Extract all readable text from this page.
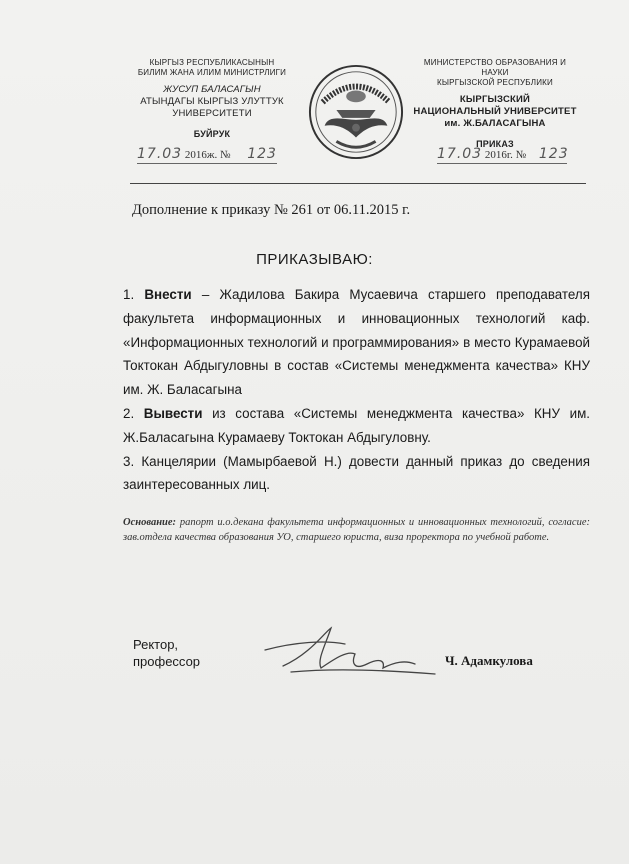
КЫРГЫЗ РЕСПУБЛИКАСЫНЫН
БИЛИМ ЖАНА ИЛИМ МИНИСТРЛИГИ
ЖУСУП БАЛАСАГЫН
АТЫНДАГЫ КЫРГЫЗ УЛУТТУК
УНИВЕРСИТЕТИ
БУЙРУК
17.03 2016ж. № 123
МИНИСТЕРСТВО ОБРАЗОВАНИЯ И НАУКИ
КЫРГЫЗСКОЙ РЕСПУБЛИКИ
КЫРГЫЗСКИЙ
НАЦИОНАЛЬНЫЙ УНИВЕРСИТЕТ
им. Ж.БАЛАСАГЫНА
ПРИКАЗ
17.03 2016г. № 123
Дополнение к приказу № 261 от 06.11.2015 г.
ПРИКАЗЫВАЮ:

1. Внести – Жадилова Бакира Мусаевича старшего преподавателя факультета информационных и инновационных технологий каф. «Информационных технологий и программирования» в место Курамаевой Токтокан Абдыгуловны в состав «Системы менеджмента качества» КНУ им. Ж. Баласагына

2. Вывести из состава «Системы менеджмента качества» КНУ им. Ж.Баласагына Курамаеву Токтокан Абдыгуловну.

3. Канцелярии (Мамырбаевой Н.) довести данный приказ до сведения заинтересованных лиц.

Основание: рапорт и.о.декана факультета информационных и инновационных технологий, согласие: зав.отдела качества образования УО, старшего юриста, виза проректора по учебной работе.
Ректор,
профессор	Ч. Адамкулова
